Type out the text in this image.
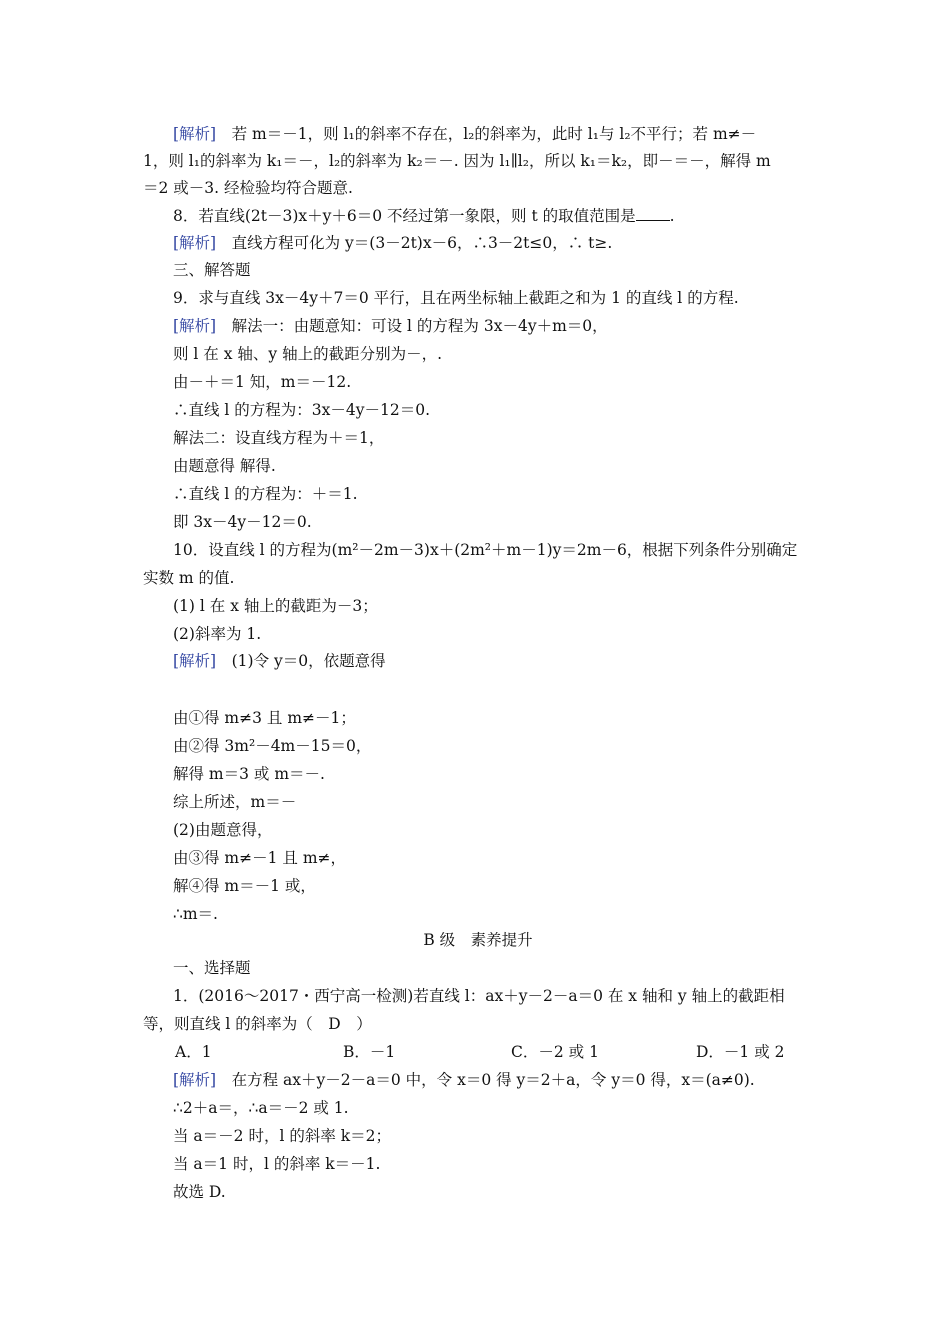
[解析]　若 m＝－1，则 l₁的斜率不存在，l₂的斜率为，此时 l₁与 l₂不平行；若 m≠－
1，则 l₁的斜率为 k₁＝－，l₂的斜率为 k₂＝－. 因为 l₁∥l₂，所以 k₁＝k₂，即－＝－，解得 m
＝2 或－3. 经检验均符合题意.
8．若直线(2t－3)x＋y＋6＝0 不经过第一象限，则 t 的取值范围是 .
[解析]　直线方程可化为 y＝(3－2t)x－6，∴3－2t≤0，∴ t≥.
三、解答题
9．求与直线 3x－4y＋7＝0 平行，且在两坐标轴上截距之和为 1 的直线 l 的方程.
[解析]　解法一：由题意知：可设 l 的方程为 3x－4y＋m＝0，
则 l 在 x 轴、y 轴上的截距分别为－，.
由－＋＝1 知，m＝－12.
∴直线 l 的方程为：3x－4y－12＝0.
解法二：设直线方程为＋＝1，
由题意得 解得.
∴直线 l 的方程为：＋＝1.
即 3x－4y－12＝0.
10．设直线 l 的方程为(m²－2m－3)x＋(2m²＋m－1)y＝2m－6，根据下列条件分别确定
实数 m 的值.
(1) l 在 x 轴上的截距为－3；
(2)斜率为 1.
[解析]　(1)令 y＝0，依题意得
由①得 m≠3 且 m≠－1；
由②得 3m²－4m－15＝0，
解得 m＝3 或 m＝－.
综上所述，m＝－
(2)由题意得，
由③得 m≠－1 且 m≠，
解④得 m＝－1 或，
∴m＝.
B 级　素养提升
一、选择题
1．(2016～2017・西宁高一检测)若直线 l：ax＋y－2－a＝0 在 x 轴和 y 轴上的截距相
等，则直线 l 的斜率为（　D　）
A．1	B．－1	C．－2 或 1	D．－1 或 2
[解析]　在方程 ax＋y－2－a＝0 中，令 x＝0 得 y＝2＋a，令 y＝0 得，x＝(a≠0).
∴2＋a＝，∴a＝－2 或 1.
当 a＝－2 时，l 的斜率 k＝2；
当 a＝1 时，l 的斜率 k＝－1.
故选 D.
